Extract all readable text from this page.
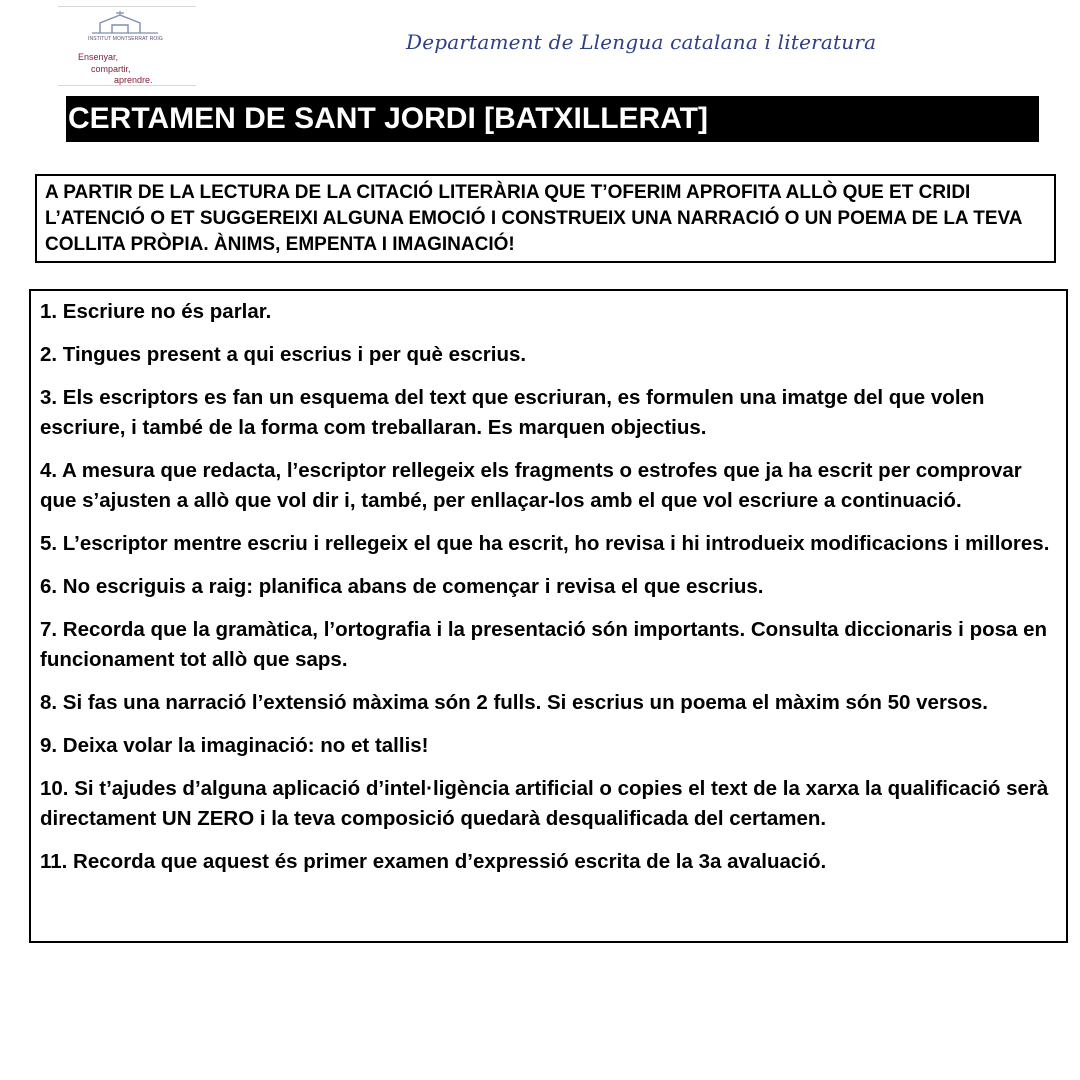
INSTITUT MONTSERRAT ROIG
Ensenyar,
compartir,
aprendre.
Departament de Llengua catalana i literatura
CERTAMEN DE SANT JORDI [BATXILLERAT]
A PARTIR DE LA LECTURA DE LA CITACIÓ LITERÀRIA QUE T’OFERIM APROFITA ALLÒ QUE ET CRIDI L’ATENCIÓ O ET SUGGEREIXI ALGUNA EMOCIÓ I CONSTRUEIX UNA NARRACIÓ O UN POEMA DE LA TEVA COLLITA PRÒPIA. ÀNIMS, EMPENTA I IMAGINACIÓ!
1. Escriure no és parlar.
2. Tingues present a qui escrius i per què escrius.
3. Els escriptors es fan un esquema del text que escriuran, es formulen una imatge del que volen escriure, i també de la forma com treballaran. Es marquen objectius.
4. A mesura que redacta, l’escriptor rellegeix els fragments o estrofes que ja ha escrit per comprovar que s’ajusten a allò que vol dir i, també, per enllaçar-los amb el que vol escriure a continuació.
5. L’escriptor mentre escriu i rellegeix el que ha escrit, ho revisa i hi introdueix modificacions i millores.
6. No escriguis a raig: planifica abans de començar i revisa el que escrius.
7. Recorda que la gramàtica, l’ortografia i la presentació són importants. Consulta diccionaris i posa en funcionament tot allò que saps.
8. Si fas una narració l’extensió màxima són 2 fulls. Si escrius un poema el màxim són 50 versos.
9. Deixa volar la imaginació: no et tallis!
10. Si t’ajudes d’alguna aplicació d’intel·ligència artificial o copies el text de la xarxa la qualificació serà directament UN ZERO i la teva composició quedarà desqualificada del certamen.
11. Recorda que aquest és primer examen d’expressió escrita de la 3a avaluació.
